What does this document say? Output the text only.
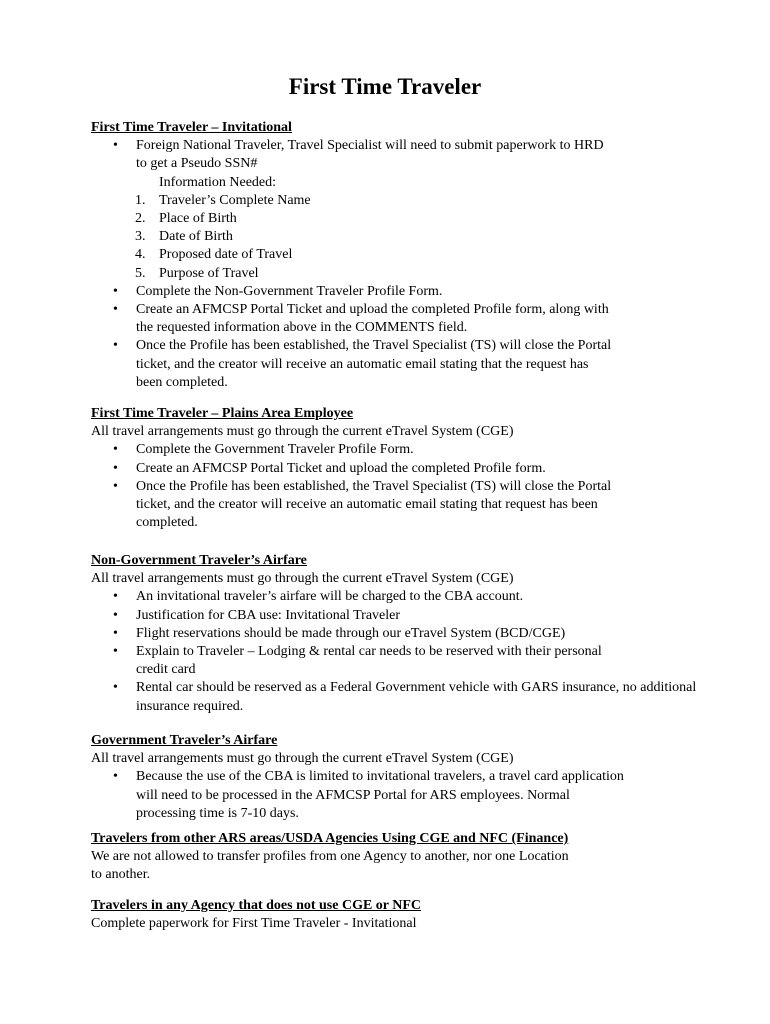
First Time Traveler

First Time Traveler – Invitational

• Foreign National Traveler, Travel Specialist will need to submit paperwork to HRD
to get a Pseudo SSN#
Information Needed:
1. Traveler’s Complete Name
2. Place of Birth
3. Date of Birth
4. Proposed date of Travel
5. Purpose of Travel
• Complete the Non-Government Traveler Profile Form.
• Create an AFMCSP Portal Ticket and upload the completed Profile form, along with
the requested information above in the COMMENTS field.
• Once the Profile has been established, the Travel Specialist (TS) will close the Portal
ticket, and the creator will receive an automatic email stating that the request has
been completed.

First Time Traveler – Plains Area Employee

All travel arrangements must go through the current eTravel System (CGE)

• Complete the Government Traveler Profile Form.
• Create an AFMCSP Portal Ticket and upload the completed Profile form.
• Once the Profile has been established, the Travel Specialist (TS) will close the Portal
ticket, and the creator will receive an automatic email stating that request has been
completed.

Non-Government Traveler’s Airfare

All travel arrangements must go through the current eTravel System (CGE)

• An invitational traveler’s airfare will be charged to the CBA account.
• Justification for CBA use: Invitational Traveler
• Flight reservations should be made through our eTravel System (BCD/CGE)
• Explain to Traveler – Lodging & rental car needs to be reserved with their personal
credit card
• Rental car should be reserved as a Federal Government vehicle with GARS insurance, no additional
insurance required.

Government Traveler’s Airfare

All travel arrangements must go through the current eTravel System (CGE)

• Because the use of the CBA is limited to invitational travelers, a travel card application
will need to be processed in the AFMCSP Portal for ARS employees. Normal
processing time is 7-10 days.

Travelers from other ARS areas/USDA Agencies Using CGE and NFC (Finance)

We are not allowed to transfer profiles from one Agency to another, nor one Location

to another.

Travelers in any Agency that does not use CGE or NFC

Complete paperwork for First Time Traveler - Invitational
